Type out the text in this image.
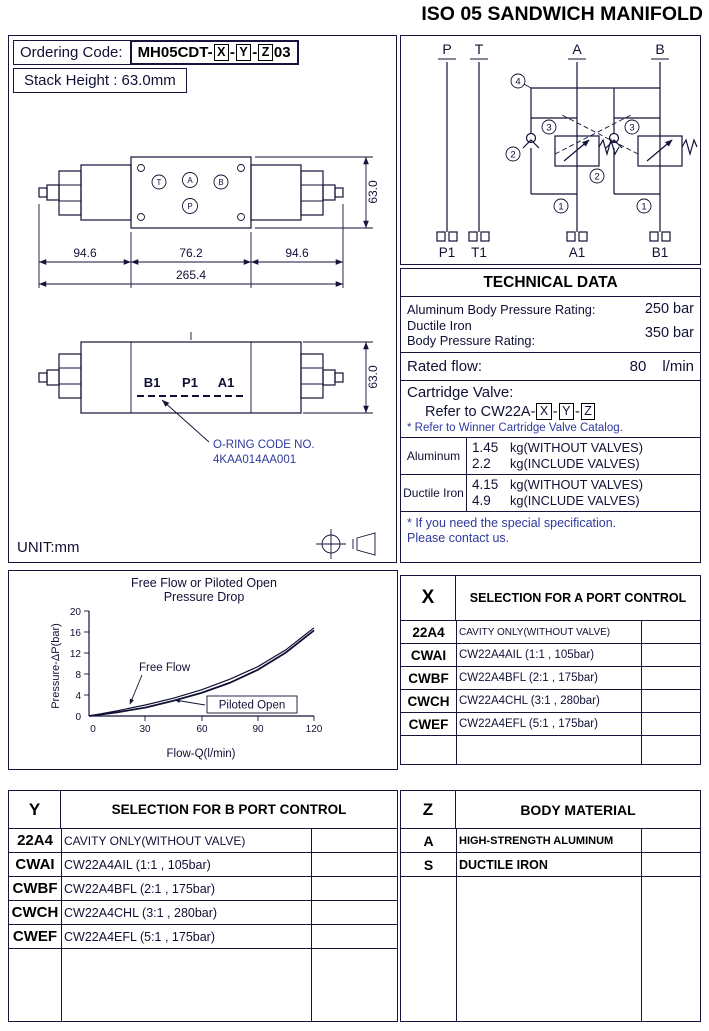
ISO 05 SANDWICH MANIFOLD
Ordering Code:	MH05CDT- X - Y - Z 03
Stack Height : 63.0mm
T	A	B
P
94.6	76.2	94.6
265.4
63.0
B1 P1 A1	63.0
O-RING CODE NO.
4KAA014AA001
UNIT:mm
P T	A	B
4
3	3
2
2
1	1
P1 T1	A1	B1
TECHNICAL DATA
Aluminum Body Pressure Rating:	250 bar
Ductile Iron
Body Pressure Rating:	350 bar
Rated flow:	80 l/min
Cartridge Valve:
Refer to CW22A- X - Y - Z
* Refer to Winner Cartridge Valve Catalog.
Aluminum
1.45 kg(WITHOUT VALVES)
2.2	kg(INCLUDE VALVES)
Ductile Iron
4.15 kg(WITHOUT VALVES)
4.9	kg(INCLUDE VALVES)
* If you need the special specification.
Please contact us.
Free Flow or Piloted Open
Pressure Drop
Pressure-ΔP(bar)
Flow-Q(l/min)
0
4
8
12
16
20
0	30	60	90	120
Free Flow
Piloted Open
X	SELECTION FOR A PORT CONTROL
22A4	CAVITY ONLY(WITHOUT VALVE)
CWAI	CW22A4AIL (1:1 , 105bar)
CWBF CW22A4BFL (2:1 , 175bar)
CWCH CW22A4CHL (3:1 , 280bar)
CWEF CW22A4EFL (5:1 , 175bar)
Y	SELECTION FOR B PORT CONTROL
22A4 CAVITY ONLY(WITHOUT VALVE)
CWAI CW22A4AIL (1:1 , 105bar)
CWBF CW22A4BFL (2:1 , 175bar)
CWCH CW22A4CHL (3:1 , 280bar)
CWEF CW22A4EFL (5:1 , 175bar)
Z	BODY MATERIAL
A	HIGH-STRENGTH ALUMINUM
S	DUCTILE IRON
